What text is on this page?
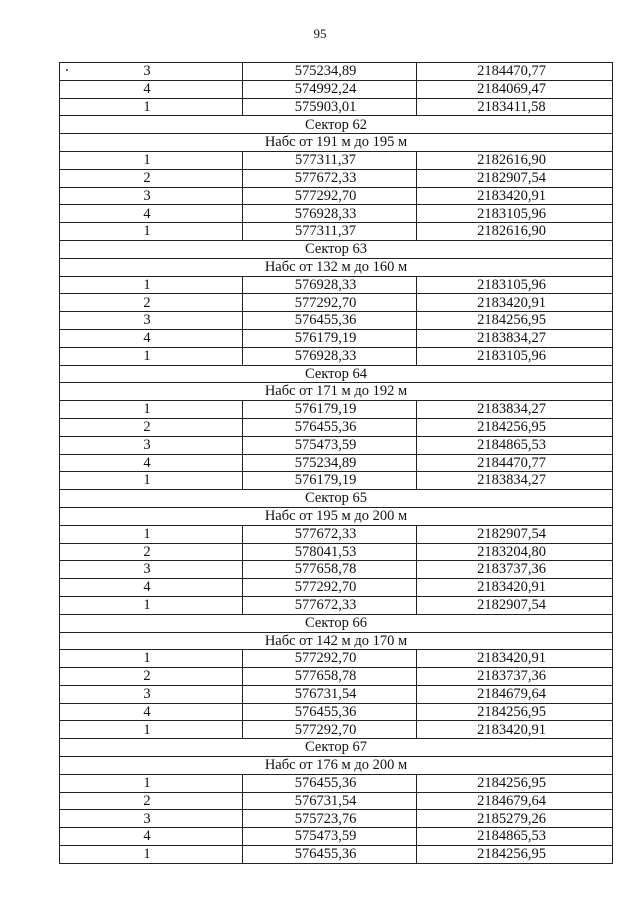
95
3	575234,89	2184470,77
4	574992,24	2184069,47
1	575903,01	2183411,58
Сектор 62		
Набс от 191 м до 195 м		
1	577311,37	2182616,90
2	577672,33	2182907,54
3	577292,70	2183420,91
4	576928,33	2183105,96
1	577311,37	2182616,90
Сектор 63		
Набс от 132 м до 160 м		
1	576928,33	2183105,96
2	577292,70	2183420,91
3	576455,36	2184256,95
4	576179,19	2183834,27
1	576928,33	2183105,96
Сектор 64		
Набс от 171 м до 192 м		
1	576179,19	2183834,27
2	576455,36	2184256,95
3	575473,59	2184865,53
4	575234,89	2184470,77
1	576179,19	2183834,27
Сектор 65		
Набс от 195 м до 200 м		
1	577672,33	2182907,54
2	578041,53	2183204,80
3	577658,78	2183737,36
4	577292,70	2183420,91
1	577672,33	2182907,54
Сектор 66		
Набс от 142 м до 170 м		
1	577292,70	2183420,91
2	577658,78	2183737,36
3	576731,54	2184679,64
4	576455,36	2184256,95
1	577292,70	2183420,91
Сектор 67		
Набс от 176 м до 200 м		
1	576455,36	2184256,95
2	576731,54	2184679,64
3	575723,76	2185279,26
4	575473,59	2184865,53
1	576455,36	2184256,95
